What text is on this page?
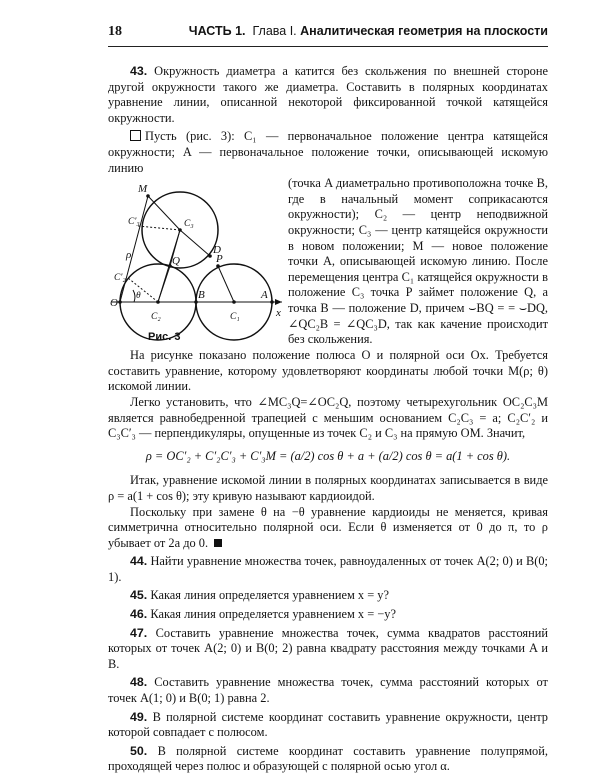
18	ЧАСТЬ 1. Глава I. Аналитическая геометрия на плоскости

43. Окружность диаметра a катится без скольжения по внешней стороне другой окружности такого же диаметра. Составить в полярных координатах уравнение линии, описанной некоторой фиксированной точкой катящейся окружности.

Пусть (рис. 3): C₁ — первоначальное положение центра катящейся окружности; A — первоначальное положение точки, описывающей искомую линию

M
C′₃	C₃
D
P
Q
ρ
C′₂
O
θ
C₂
B
C₁
A
x
Рис. 3
(точка A диаметрально противоположна точке B, где в начальный момент соприкасаются окружности); C₂ — центр неподвижной окружности; C₃ — центр катящейся окружности в новом положении; M — новое положение точки A, описывающей искомую линию. После перемещения центра C₁ катящейся окружности в положение C₃ точка P займет положение Q, а точка B — положение D, причем ⌣BQ = = ⌣DQ, ∠QC₂B = ∠QC₃D, так как качение происходит без скольжения.

На рисунке показано положение полюса O и полярной оси Ox. Требуется составить уравнение, которому удовлетворяют координаты любой точки M(ρ; θ) искомой линии.

Легко установить, что ∠MC₃Q=∠OC₂Q, поэтому четырехугольник OC₂C₃M является равнобедренной трапецией с меньшим основанием C₂C₃ = a; C₂C′₂ и C₃C′₃ — перпендикуляры, опущенные из точек C₂ и C₃ на прямую OM. Значит,

ρ = OC′₂ + C′₂C′₃ + C′₃M = (a/2) cos θ + a + (a/2) cos θ = a(1 + cos θ).

Итак, уравнение искомой линии в полярных координатах записывается в виде ρ = a(1 + cos θ); эту кривую называют кардиоидой.

Поскольку при замене θ на −θ уравнение кардиоиды не меняется, кривая симметрична относительно полярной оси. Если θ изменяется от 0 до π, то ρ убывает от 2a до 0.

44. Найти уравнение множества точек, равноудаленных от точек A(2; 0) и B(0; 1).

45. Какая линия определяется уравнением x = y?

46. Какая линия определяется уравнением x = −y?

47. Составить уравнение множества точек, сумма квадратов расстояний которых от точек A(2; 0) и B(0; 2) равна квадрату расстояния между точками A и B.

48. Составить уравнение множества точек, сумма расстояний которых от точек A(1; 0) и B(0; 1) равна 2.

49. В полярной системе координат составить уравнение окружности, центр которой совпадает с полюсом.

50. В полярной системе координат составить уравнение полупрямой, проходящей через полюс и образующей с полярной осью угол α.
